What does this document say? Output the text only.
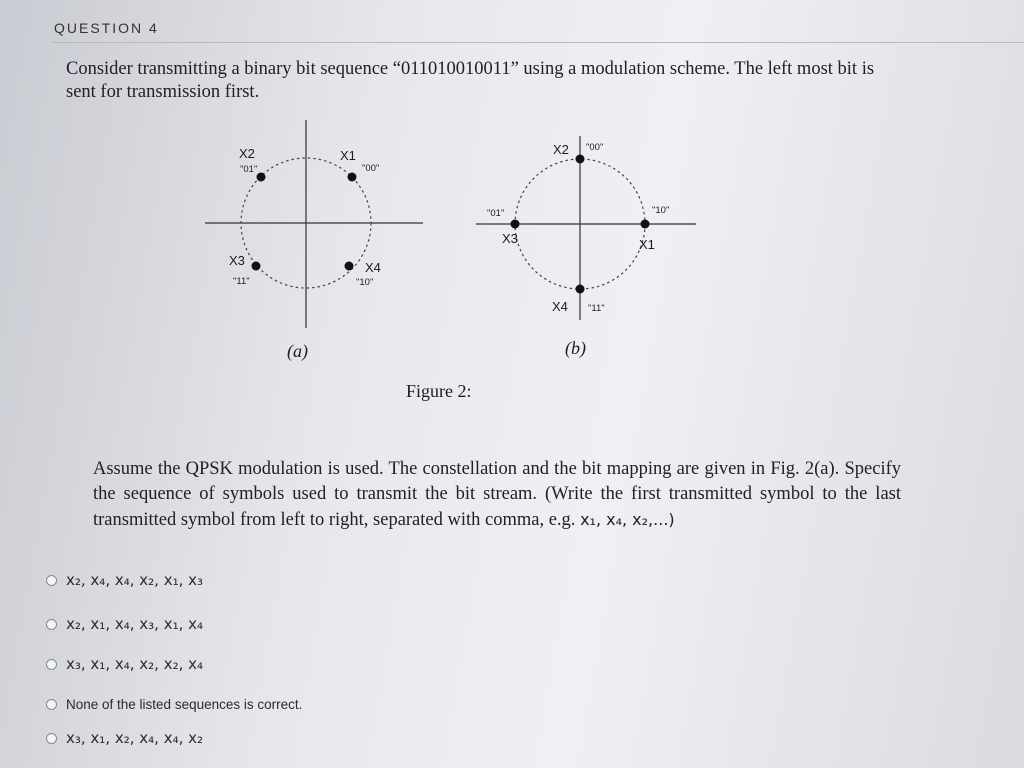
QUESTION 4
Consider transmitting a binary bit sequence “011010010011” using a modulation scheme. The left most bit is sent for transmission first.
X1
"00"
X2
"01"
X3
"11"
X4
"10"
(a)
X1
"10"
X2 "00"
X3
"01"
X4 "11"
(b)
Figure 2:
Assume the QPSK modulation is used. The constellation and the bit mapping are given in Fig. 2(a). Specify the sequence of symbols used to transmit the bit stream. (Write the first transmitted symbol to the last transmitted symbol from left to right, separated with comma, e.g. x₁, x₄, x₂,...)
x₂, x₄, x₄, x₂, x₁, x₃
x₂, x₁, x₄, x₃, x₁, x₄
x₃, x₁, x₄, x₂, x₂, x₄
None of the listed sequences is correct.
x₃, x₁, x₂, x₄, x₄, x₂
